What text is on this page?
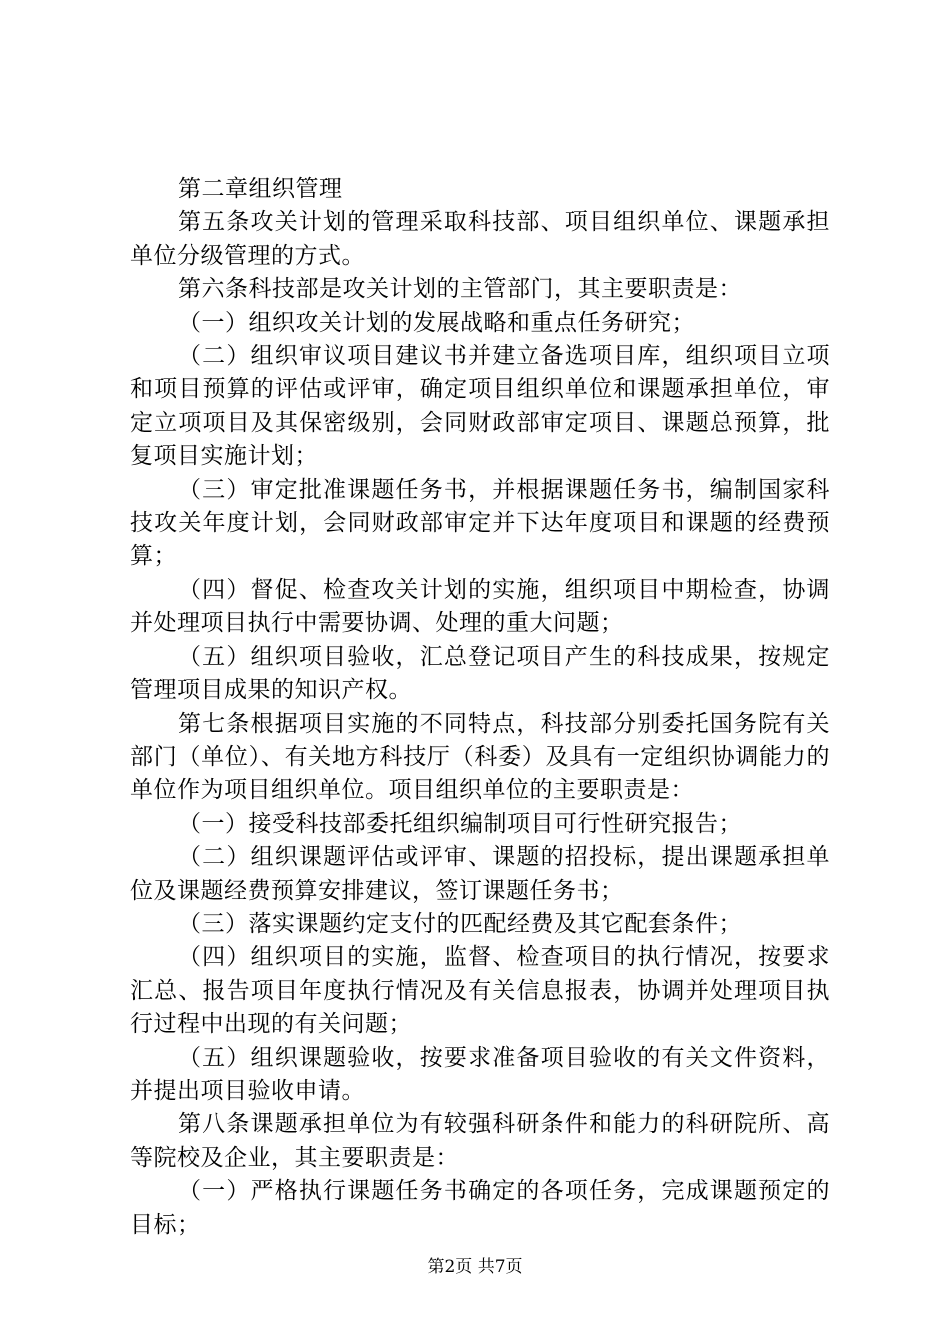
第二章组织管理

第五条攻关计划的管理采取科技部、项目组织单位、课题承担单位分级管理的方式。

第六条科技部是攻关计划的主管部门，其主要职责是：

（一）组织攻关计划的发展战略和重点任务研究；

（二）组织审议项目建议书并建立备选项目库，组织项目立项和项目预算的评估或评审，确定项目组织单位和课题承担单位，审定立项项目及其保密级别，会同财政部审定项目、课题总预算，批复项目实施计划；

（三）审定批准课题任务书，并根据课题任务书，编制国家科技攻关年度计划，会同财政部审定并下达年度项目和课题的经费预算；

（四）督促、检查攻关计划的实施，组织项目中期检查，协调并处理项目执行中需要协调、处理的重大问题；

（五）组织项目验收，汇总登记项目产生的科技成果，按规定管理项目成果的知识产权。

第七条根据项目实施的不同特点，科技部分别委托国务院有关部门（单位）、有关地方科技厅（科委）及具有一定组织协调能力的单位作为项目组织单位。项目组织单位的主要职责是：

（一）接受科技部委托组织编制项目可行性研究报告；

（二）组织课题评估或评审、课题的招投标，提出课题承担单位及课题经费预算安排建议，签订课题任务书；

（三）落实课题约定支付的匹配经费及其它配套条件；

（四）组织项目的实施，监督、检查项目的执行情况，按要求汇总、报告项目年度执行情况及有关信息报表，协调并处理项目执行过程中出现的有关问题；

（五）组织课题验收，按要求准备项目验收的有关文件资料，并提出项目验收申请。

第八条课题承担单位为有较强科研条件和能力的科研院所、高等院校及企业，其主要职责是：

（一）严格执行课题任务书确定的各项任务，完成课题预定的目标；

第2页 共7页
